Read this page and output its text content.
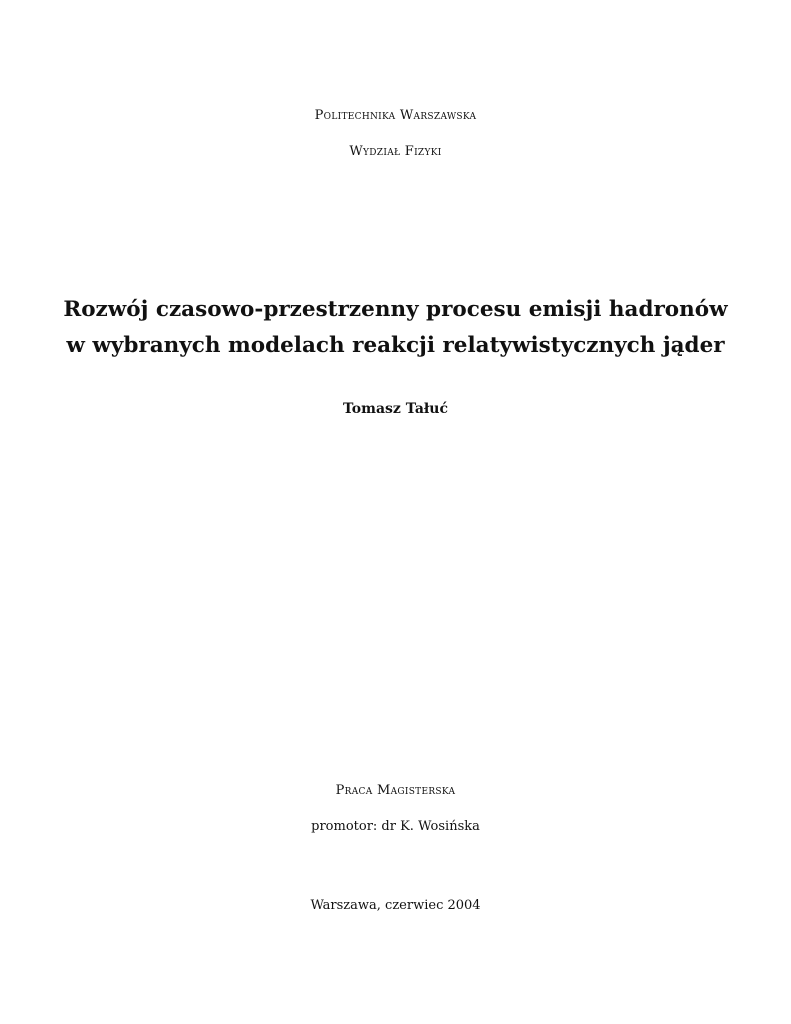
Politechnika Warszawska
Wydział Fizyki
Rozwój czasowo-przestrzenny procesu emisji hadronów
w wybranych modelach reakcji relatywistycznych jąder
Tomasz Tałuć
Praca Magisterska
promotor: dr K. Wosińska
Warszawa, czerwiec 2004
